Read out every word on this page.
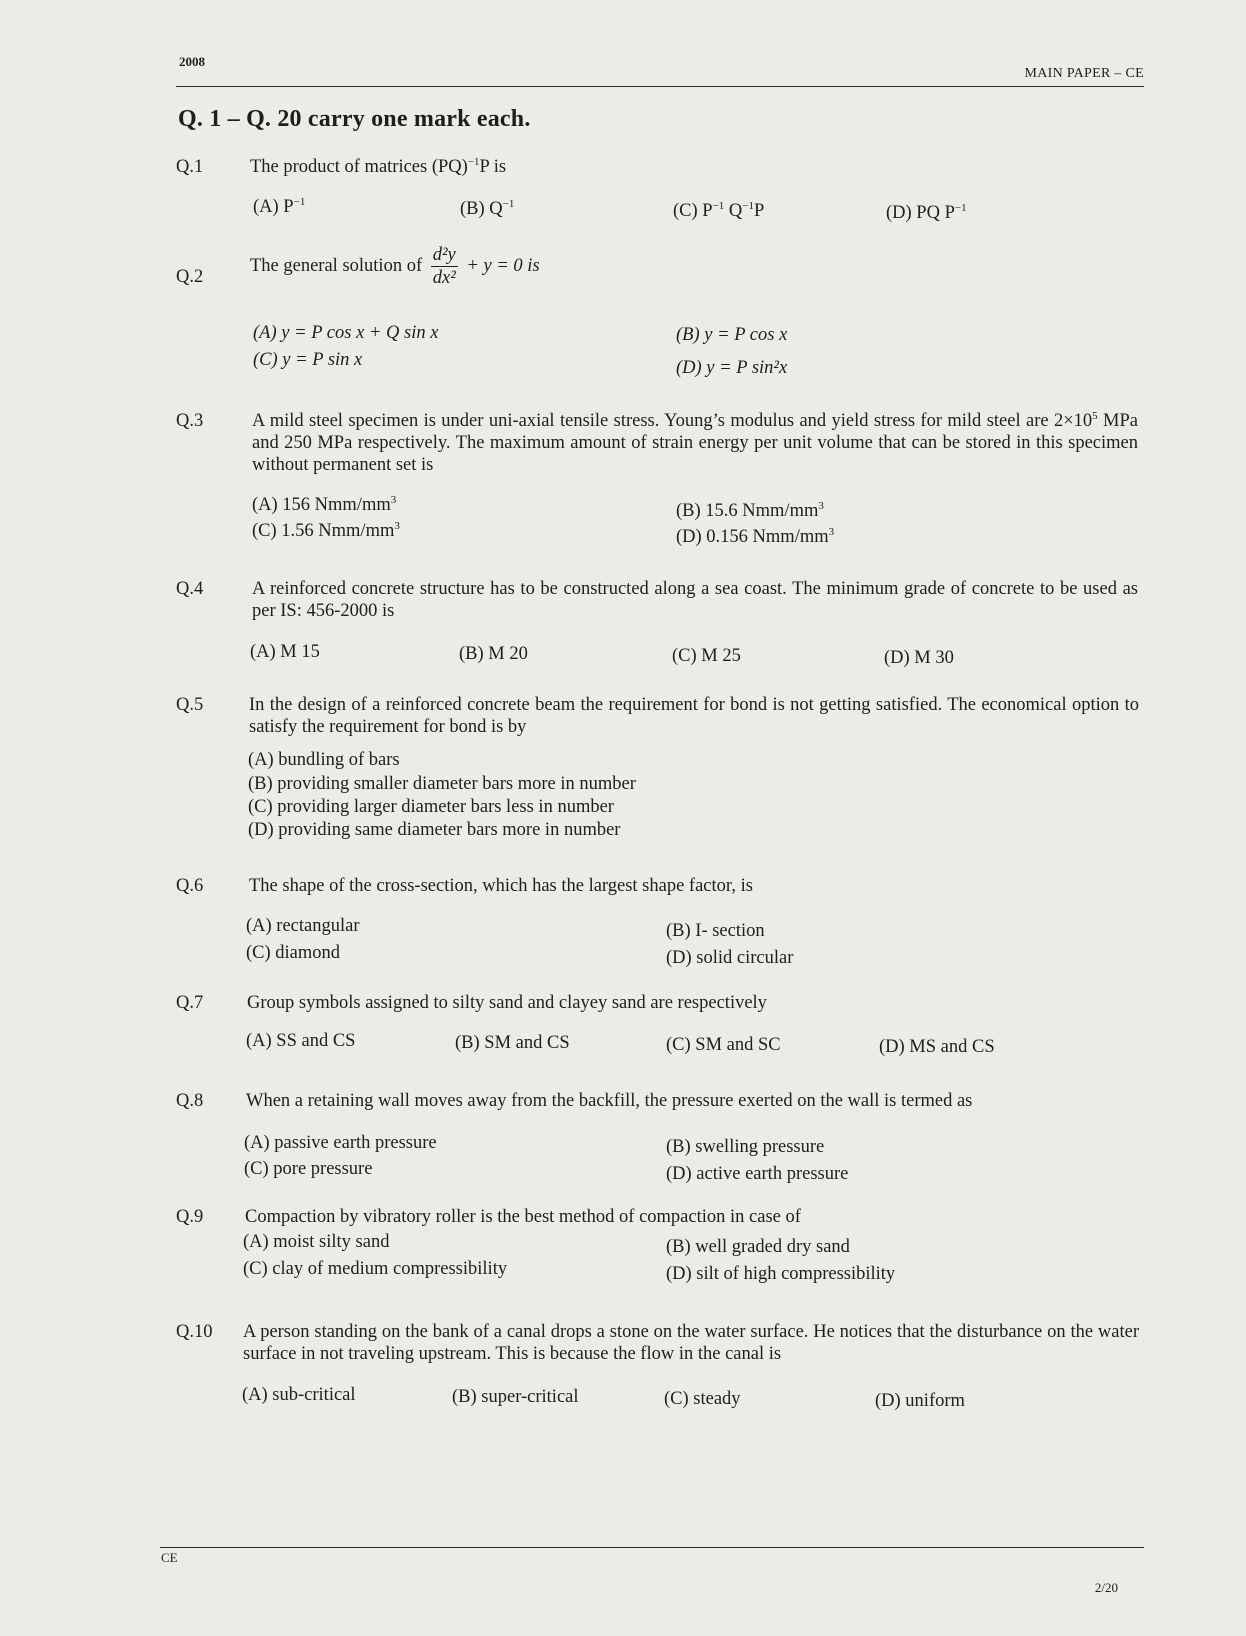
2008
MAIN PAPER – CE
Q. 1 – Q. 20 carry one mark each.
Q.1	The product of matrices (PQ)$^{-1}$P is
(A) $P^{-1}$	(B) $Q^{-1}$	(C) $P^{-1}$ $Q^{-1}P$	(D) PQ $P^{-1}$
Q.2
The general solution of $\frac{\text{d²y}}{\text{dx²}} + y = 0$ is
(A) y = P cos x + Q sin x	(B) y = P cos x
(C) y = P sin x	(D) y = P sin²x
Q.3	A mild steel specimen is under uni-axial tensile stress. Young’s modulus and yield stress for mild steel are $2\times 10^5$ MPa and 250 MPa respectively. The maximum amount of strain energy per unit volume that can be stored in this specimen without permanent set is
(A) 156 Nmm/$mm^3$
(B) 15.6 Nmm/$mm^3$
(C) 1.56 Nmm/$mm^3$
(D) 0.156 Nmm/$mm^3$
Q.4	A reinforced concrete structure has to be constructed along a sea coast. The minimum grade of concrete to be used as per IS: 456-2000 is
(A) M 15	(B) M 20	(C) M 25	(D) M 30
Q.5	In the design of a reinforced concrete beam the requirement for bond is not getting satisfied. The economical option to satisfy the requirement for bond is by
(A) bundling of bars
(B) providing smaller diameter bars more in number
(C) providing larger diameter bars less in number
(D) providing same diameter bars more in number
Q.6	The shape of the cross-section, which has the largest shape factor, is
(A) rectangular	(B) I- section
(C) diamond	(D) solid circular
Q.7	Group symbols assigned to silty sand and clayey sand are respectively
(A) SS and CS	(B) SM and CS	(C) SM and SC	(D) MS and CS
Q.8	When a retaining wall moves away from the backfill, the pressure exerted on the wall is termed as
(A) passive earth pressure	(B) swelling pressure
(C) pore pressure	(D) active earth pressure
Q.9	Compaction by vibratory roller is the best method of compaction in case of
(A) moist silty sand	(B) well graded dry sand
(C) clay of medium compressibility	(D) silt of high compressibility
Q.10	A person standing on the bank of a canal drops a stone on the water surface. He notices that the disturbance on the water surface in not traveling upstream. This is because the flow in the canal is
(A) sub-critical	(B) super-critical	(C) steady	(D) uniform
CE
2/20
